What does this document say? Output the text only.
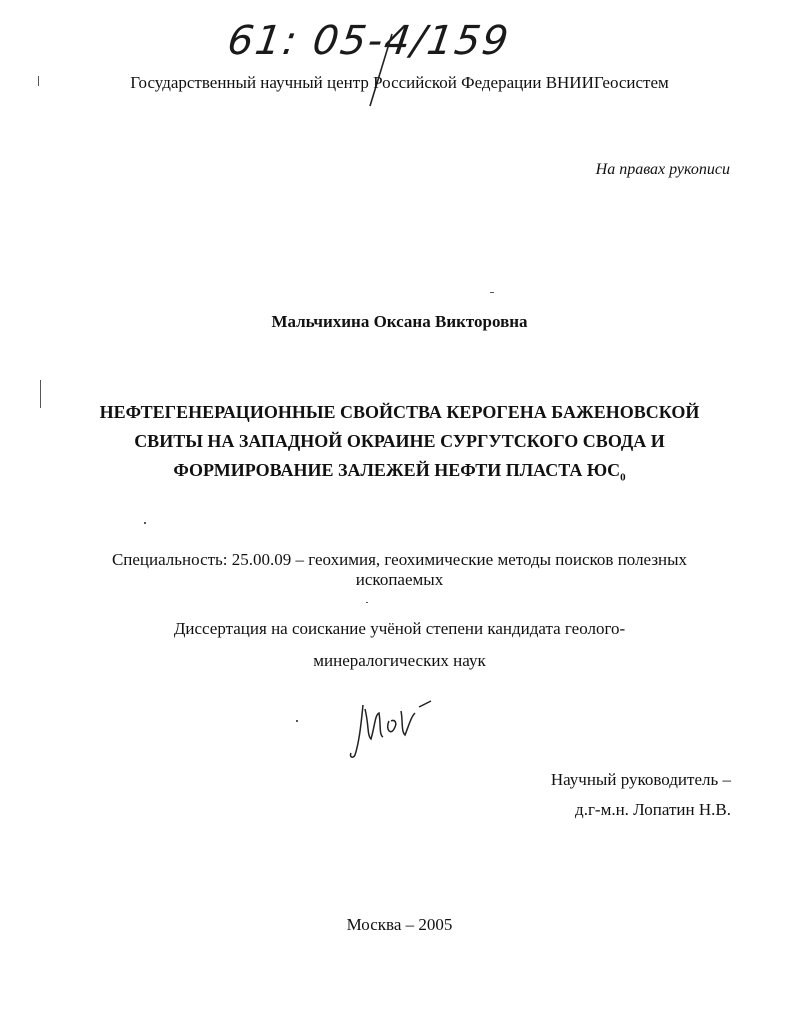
61: 05-4/159
Государственный научный центр Российской Федерации ВНИИГеосистем
На правах рукописи
Мальчихина Оксана Викторовна
НЕФТЕГЕНЕРАЦИОННЫЕ СВОЙСТВА КЕРОГЕНА БАЖЕНОВСКОЙ
СВИТЫ НА ЗАПАДНОЙ ОКРАИНЕ СУРГУТСКОГО СВОДА И
ФОРМИРОВАНИЕ ЗАЛЕЖЕЙ НЕФТИ ПЛАСТА $ЮС_0$
Специальность: 25.00.09 – геохимия, геохимические методы поисков полезных
ископаемых
Диссертация на соискание учёной степени кандидата геолого-
минералогических наук
Научный руководитель –
д.г-м.н. Лопатин Н.В.
Москва – 2005
